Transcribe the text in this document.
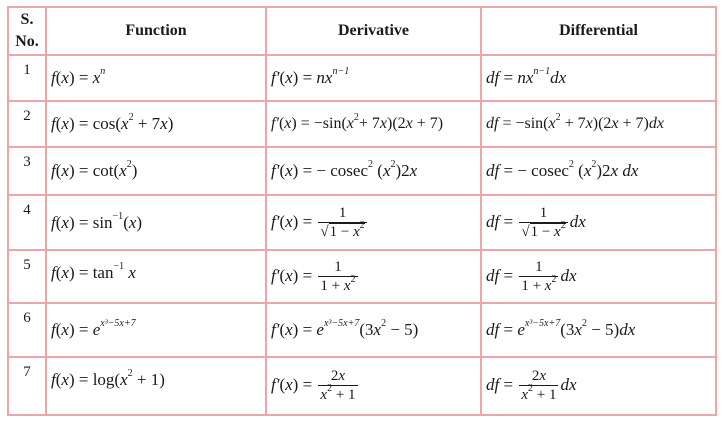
S.
No.	Function	Derivative	Differential
1	$f(x) = x^n$	$f'(x) = nx^{n-1}$	df = $nx^{n-1}dx$
2	$f(x) = \cos(x^2 + 7x)$	$f'(x) = -\sin(x^2+ 7x)(2x + 7)$	df = $-\sin(x^2 + 7x)(2x + 7)dx$
3	$f(x) = \cot(x^2)$	f′(x) = − cosec$^2$ $(x^2)2x$	df = − cosec$^2$ $(x^2)2x$ dx
4	$f(x) = \sin^{-1}(x)$	$f'(x) = \frac{1}{√1 - x^2}$	df = $\frac{1}{√1 - x^2}$ dx
5	$f(x) = \tan^{-1} x$	$f'(x) = \frac{1}{1 + x^2}$	df = $\frac{1}{1 + x^2}$ dx
6	$f(x) = e^{x^3-5x+7}$	$f'(x) = e^{x^3-5x+7}(3x^2 - 5)$	df = $e^{x^3-5x+7}(3x^2 - 5)dx$
7	$f(x) = \log(x^2 + 1)$	$f'(x) = \frac{2x}{x^2 + 1}$	df = $\frac{2x}{x^2 + 1}$ dx
